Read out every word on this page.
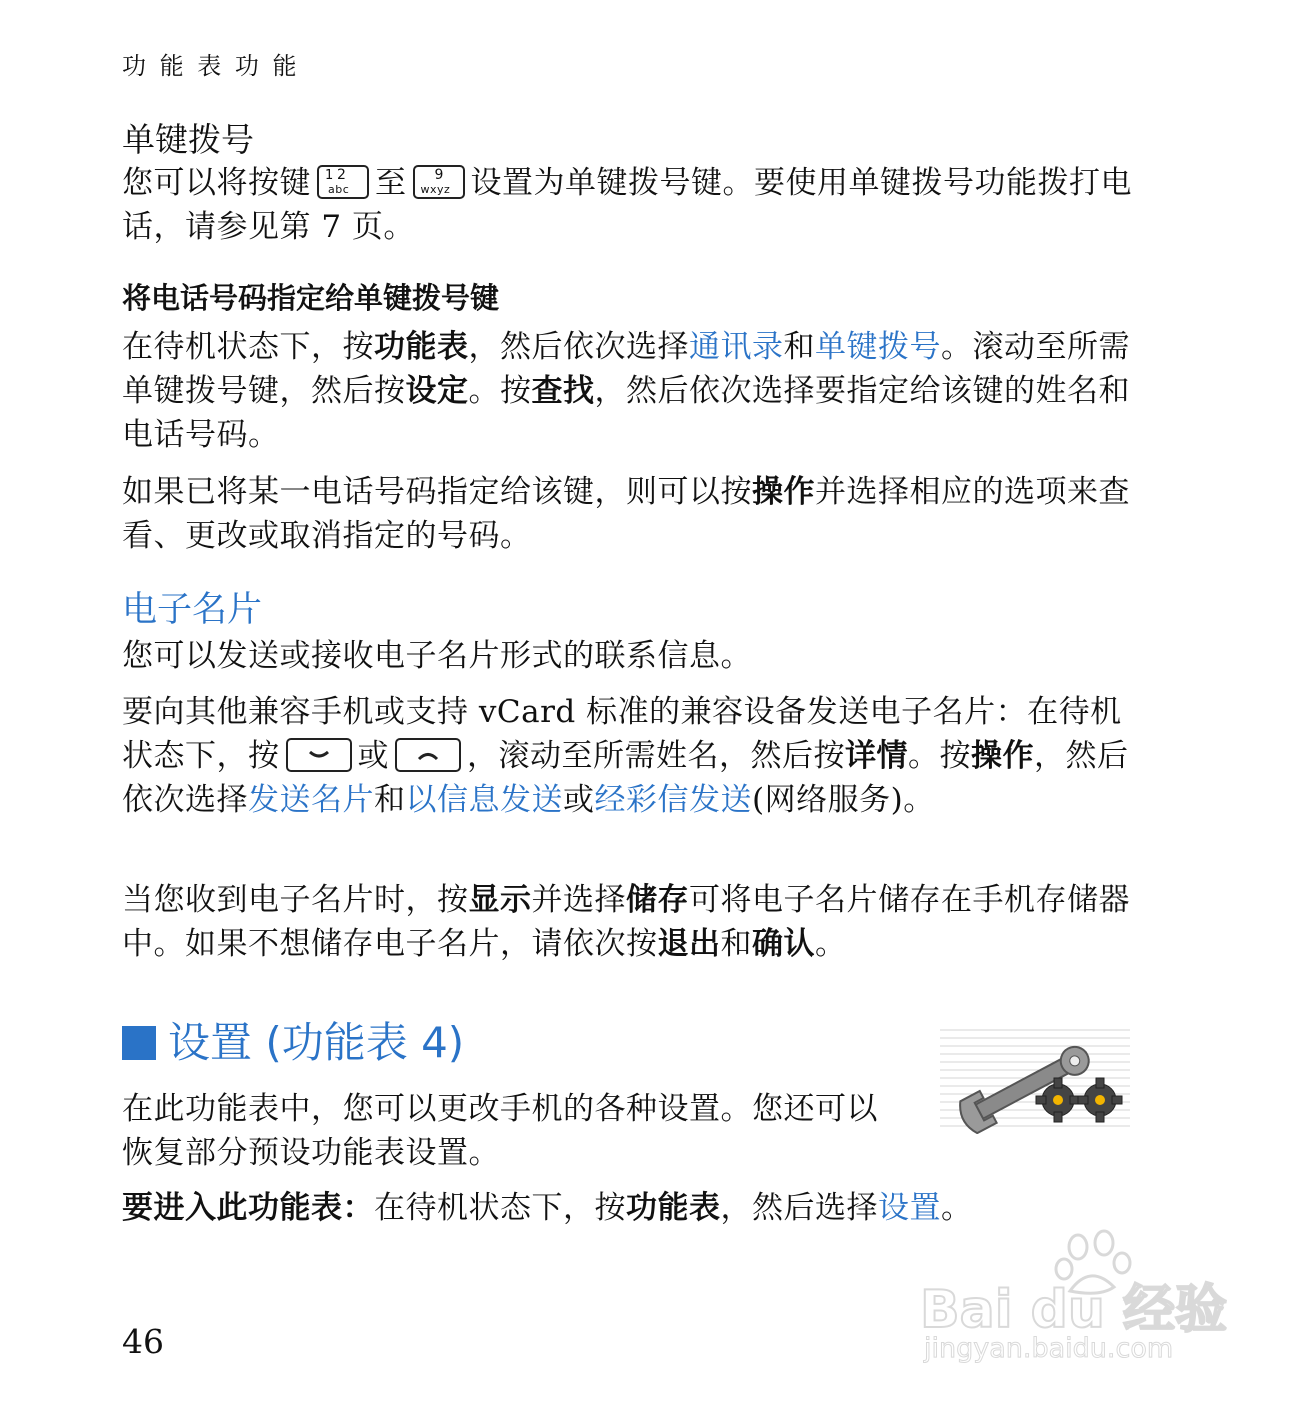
功 能 表 功 能
单键拨号
您可以将按键 1 2
abc 至 9
wxyz 设置为单键拨号键。要使用单键拨号功能拨打电话，请参见第 7 页。
将电话号码指定给单键拨号键
在待机状态下，按功能表，然后依次选择通讯录和单键拨号。滚动至所需单键拨号键，然后按设定。按查找，然后依次选择要指定给该键的姓名和电话号码。
如果已将某一电话号码指定给该键，则可以按操作并选择相应的选项来查看、更改或取消指定的号码。
电子名片
您可以发送或接收电子名片形式的联系信息。
要向其他兼容手机或支持 vCard 标准的兼容设备发送电子名片：在待机状态下，按	或	，滚动至所需姓名，然后按详情。按操作，然后依次选择发送名片和以信息发送或经彩信发送(网络服务)。
当您收到电子名片时，按显示并选择储存可将电子名片储存在手机存储器中。如果不想储存电子名片，请依次按退出和确认。
设置 (功能表 4)
在此功能表中，您可以更改手机的各种设置。您还可以恢复部分预设功能表设置。
要进入此功能表：在待机状态下，按功能表，然后选择设置。
Bai du 经验
jingyan.baidu.com
46
